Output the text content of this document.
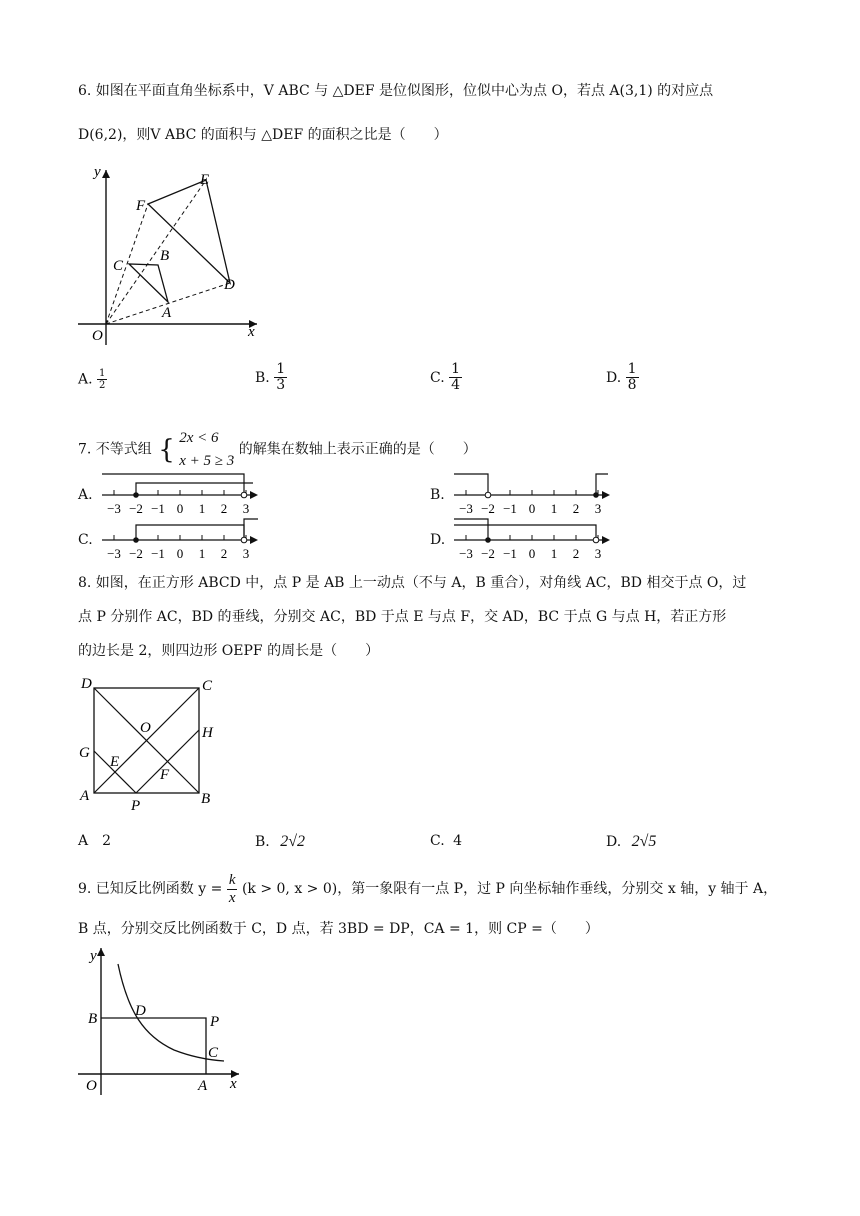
6. 如图在平面直角坐标系中，V ABC 与 △DEF 是位似图形，位似中心为点 O，若点 A(3,1) 的对应点
D(6,2)，则V ABC 的面积与 △DEF 的面积之比是（　　）
y
x
O
A
B
C
D
E
F
A. $\frac{1}{2}$	B. $\frac{1}{3}$	C. $\frac{1}{4}$	D. $\frac{1}{8}$
7. 不等式组 { 2x < 6
x + 5 ≥ 3
的解集在数轴上表示正确的是（　　）
A.
−3 −2 −1 0 1 2 3
B.
−3 −2 −1 0 1 2 3
C.
−3 −2 −1 0 1 2 3
D.
−3 −2 −1 0 1 2 3
8. 如图，在正方形 ABCD 中，点 P 是 AB 上一动点（不与 A，B 重合），对角线 AC，BD 相交于点 O，过
点 P 分别作 AC，BD 的垂线，分别交 AC，BD 于点 E 与点 F，交 AD，BC 于点 G 与点 H，若正方形
的边长是 2，则四边形 OEPF 的周长是（　　）
D	C
A	B
O
G
H
E
F
P
A 2	B. 2√2	C. 4	D. 2√5
9. 已知反比例函数 $y = \frac{k}{x} (k > 0$, x > 0)，第一象限有一点 P，过 P 向坐标轴作垂线，分别交 x 轴，y 轴于 A，
B 点，分别交反比例函数于 C，D 点，若 3BD = DP，CA = 1，则 CP =（　　）
y
x
O	A
B
C
D
P
